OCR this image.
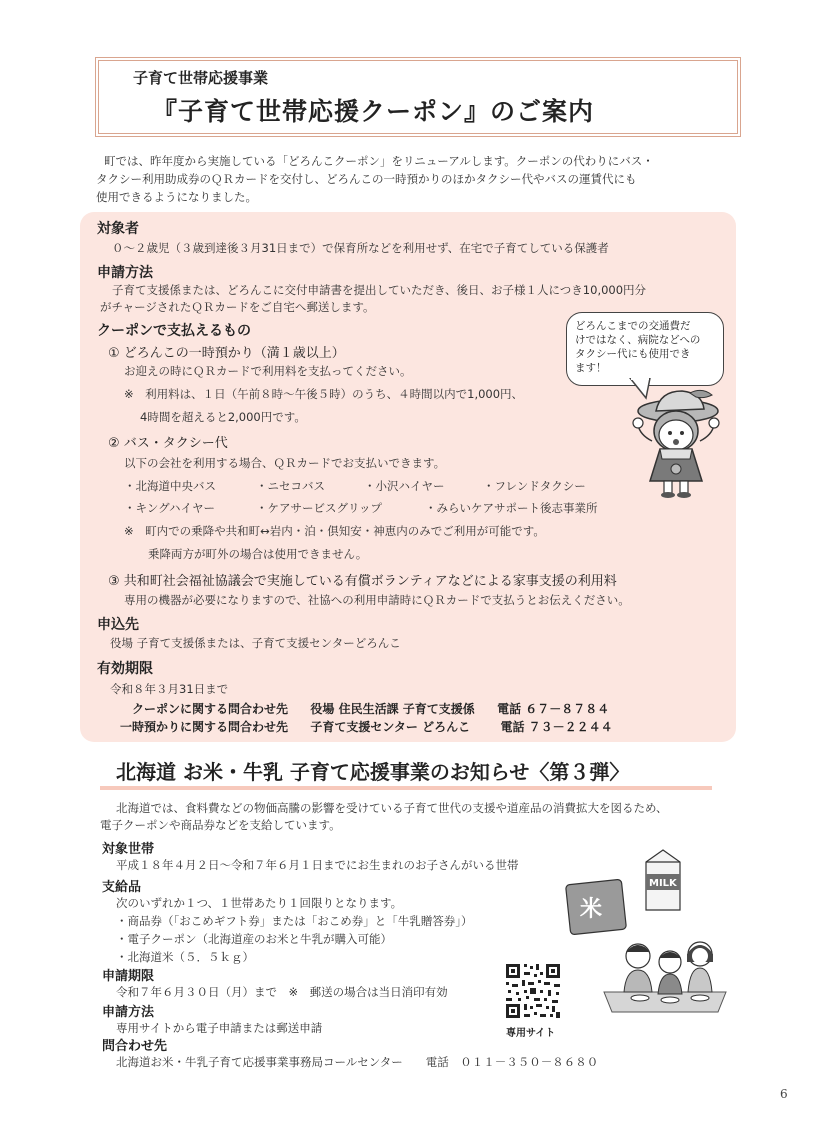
子育て世帯応援事業
『子育て世帯応援クーポン』のご案内
町では、昨年度から実施している「どろんこクーポン」をリニューアルします。クーポンの代わりにバス・
タクシー利用助成券のＱＲカードを交付し、どろんこの一時預かりのほかタクシー代やバスの運賃代にも
使用できるようになりました。
対象者
０～２歳児（３歳到達後３月31日まで）で保育所などを利用せず、在宅で子育てしている保護者
申請方法
子育て支援係または、どろんこに交付申請書を提出していただき、後日、お子様１人につき10,000円分
がチャージされたＱＲカードをご自宅へ郵送します。
クーポンで支払えるもの
① どろんこの一時預かり（満１歳以上）
お迎えの時にＱＲカードで利用料を支払ってください。
※　利用料は、１日（午前８時～午後５時）のうち、４時間以内で1,000円、
4時間を超えると2,000円です。
② バス・タクシー代
以下の会社を利用する場合、ＱＲカードでお支払いできます。
・北海道中央バス	・ニセコバス	・小沢ハイヤー	・フレンドタクシー
・キングハイヤー	・ケアサービスグリップ	・みらいケアサポート後志事業所
※　町内での乗降や共和町↔岩内・泊・倶知安・神恵内のみでご利用が可能です。
乗降両方が町外の場合は使用できません。
③ 共和町社会福祉協議会で実施している有償ボランティアなどによる家事支援の利用料
専用の機器が必要になりますので、社協への利用申請時にＱＲカードで支払うとお伝えください。
申込先
役場 子育て支援係または、子育て支援センターどろんこ
有効期限
令和８年３月31日まで
クーポンに関する問合わせ先 役場 住民生活課 子育て支援係 電話 ６７－８７８４
一時預かりに関する問合わせ先 子育て支援センター どろんこ	電話 ７３－２２４４
どろんこまでの交通費だ
けではなく、病院などへの
タクシー代にも使用でき
ます！
北海道 お米・牛乳 子育て応援事業のお知らせ〈第３弾〉
北海道では、食料費などの物価高騰の影響を受けている子育て世代の支援や道産品の消費拡大を図るため、
電子クーポンや商品券などを支給しています。
対象世帯
平成１８年４月２日～令和７年６月１日までにお生まれのお子さんがいる世帯
支給品
次のいずれか１つ、１世帯あたり１回限りとなります。
・商品券（「おこめギフト券」または「おこめ券」と「牛乳贈答券」）
・電子クーポン（北海道産のお米と牛乳が購入可能）
・北海道米（５．５ｋｇ）
申請期限
令和７年６月３０日（月）まで　※　郵送の場合は当日消印有効
申請方法
専用サイトから電子申請または郵送申請
問合わせ先
北海道お米・牛乳子育て応援事業事務局コールセンター　　電話　０１１－３５０－８６８０
専用サイト
米
MILK
6
